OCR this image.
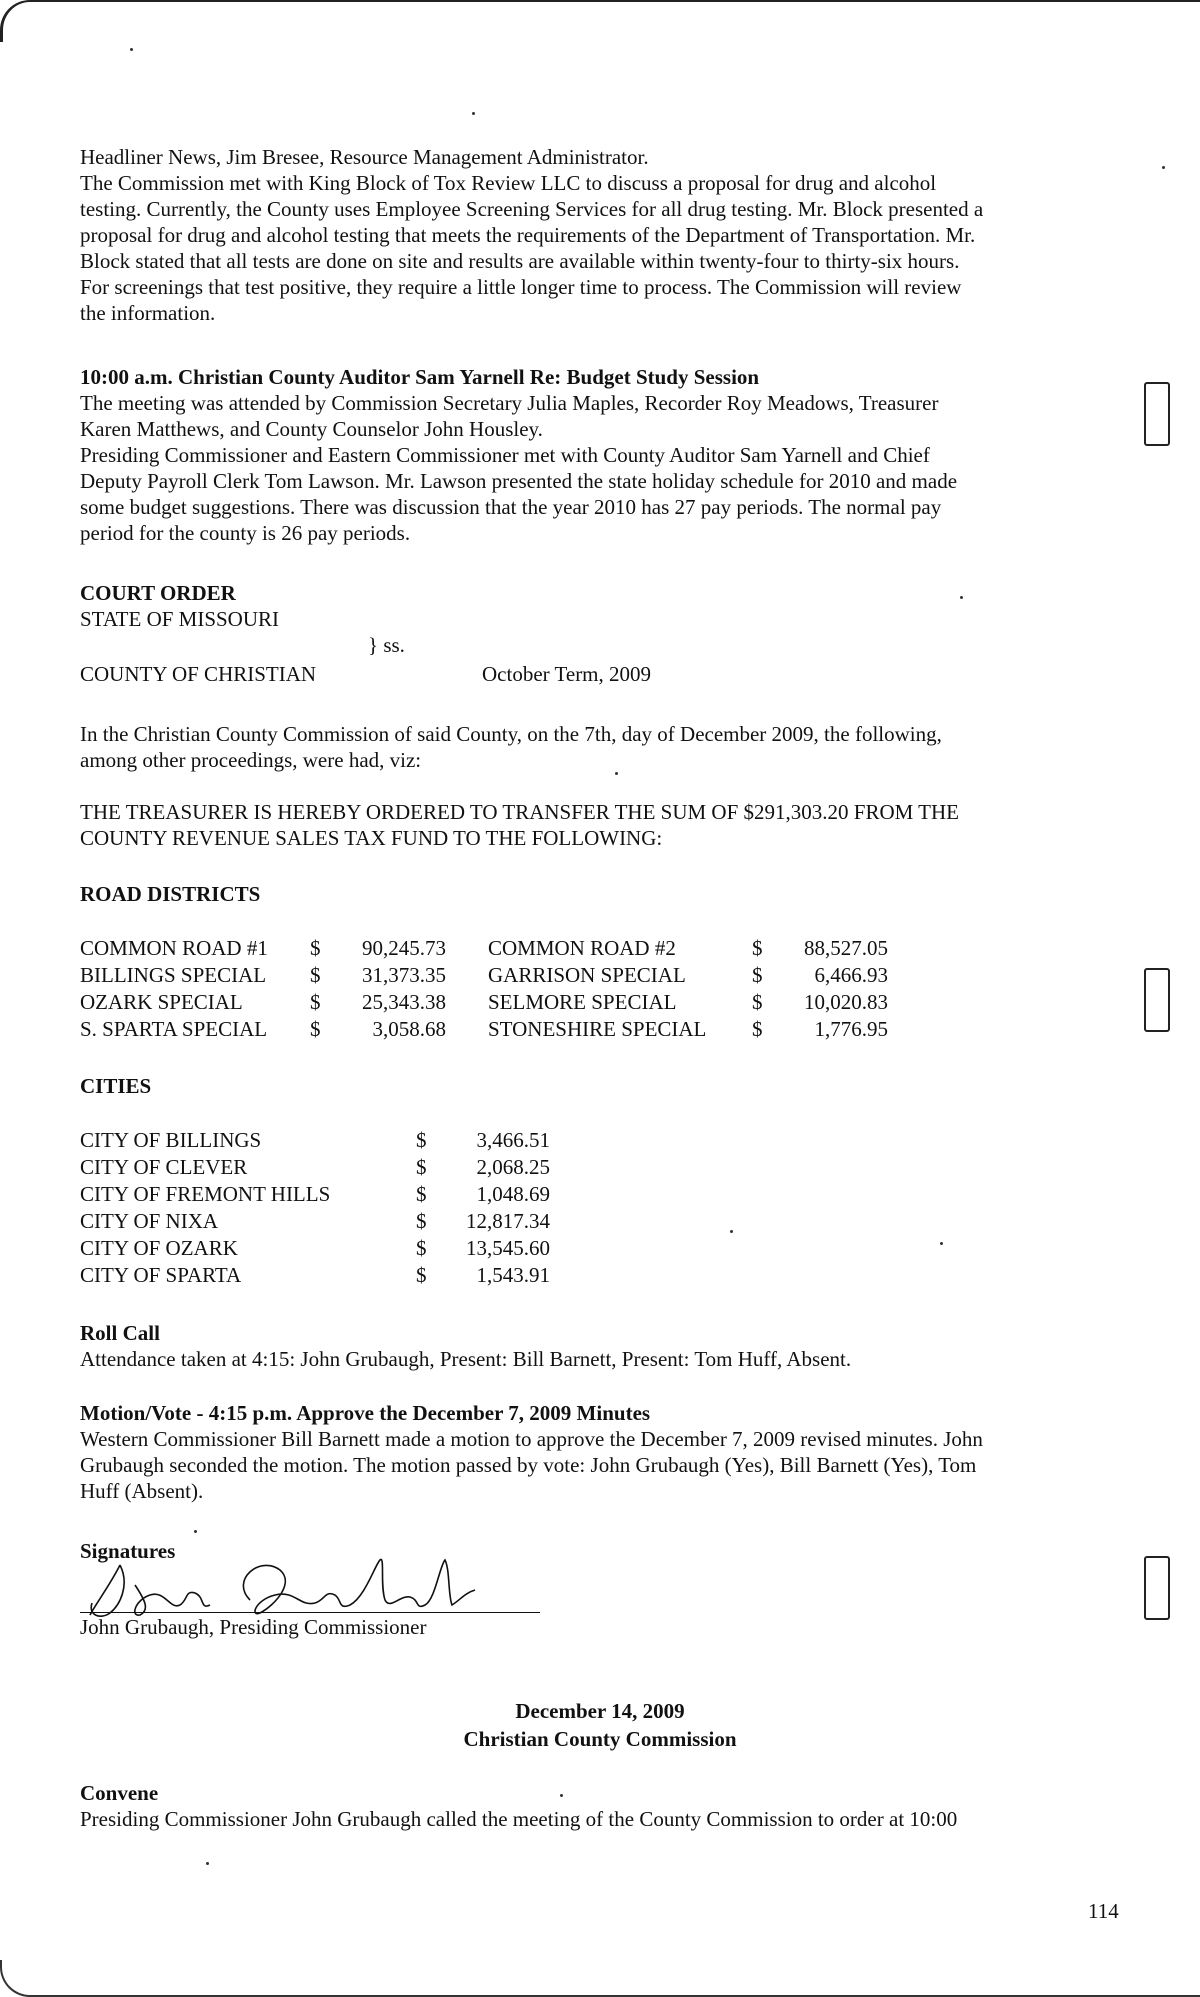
Headliner News, Jim Bresee, Resource Management Administrator.
The Commission met with King Block of Tox Review LLC to discuss a proposal for drug and alcohol
testing. Currently, the County uses Employee Screening Services for all drug testing. Mr. Block presented a
proposal for drug and alcohol testing that meets the requirements of the Department of Transportation. Mr.
Block stated that all tests are done on site and results are available within twenty-four to thirty-six hours.
For screenings that test positive, they require a little longer time to process. The Commission will review
the information.
10:00 a.m. Christian County Auditor Sam Yarnell Re: Budget Study Session
The meeting was attended by Commission Secretary Julia Maples, Recorder Roy Meadows, Treasurer
Karen Matthews, and County Counselor John Housley.
Presiding Commissioner and Eastern Commissioner met with County Auditor Sam Yarnell and Chief
Deputy Payroll Clerk Tom Lawson. Mr. Lawson presented the state holiday schedule for 2010 and made
some budget suggestions. There was discussion that the year 2010 has 27 pay periods. The normal pay
period for the county is 26 pay periods.
COURT ORDER
STATE OF MISSOURI
} ss.
COUNTY OF CHRISTIAN	October Term, 2009
In the Christian County Commission of said County, on the 7th, day of December 2009, the following,
among other proceedings, were had, viz:
THE TREASURER IS HEREBY ORDERED TO TRANSFER THE SUM OF $291,303.20 FROM THE
COUNTY REVENUE SALES TAX FUND TO THE FOLLOWING:
ROAD DISTRICTS
COMMON ROAD #1 $	90,245.73 COMMON ROAD #2	$	88,527.05
BILLINGS SPECIAL $	31,373.35 GARRISON SPECIAL	$	6,466.93
OZARK SPECIAL	$	25,343.38 SELMORE SPECIAL	$	10,020.83
S. SPARTA SPECIAL $	3,058.68 STONESHIRE SPECIAL $	1,776.95
CITIES
CITY OF BILLINGS	$	3,466.51
CITY OF CLEVER	$	2,068.25
CITY OF FREMONT HILLS	$	1,048.69
CITY OF NIXA	$	12,817.34
CITY OF OZARK	$	13,545.60
CITY OF SPARTA	$	1,543.91
Roll Call
Attendance taken at 4:15: John Grubaugh, Present: Bill Barnett, Present: Tom Huff, Absent.
Motion/Vote - 4:15 p.m. Approve the December 7, 2009 Minutes
Western Commissioner Bill Barnett made a motion to approve the December 7, 2009 revised minutes. John
Grubaugh seconded the motion. The motion passed by vote: John Grubaugh (Yes), Bill Barnett (Yes), Tom
Huff (Absent).
Signatures
John Grubaugh, Presiding Commissioner
December 14, 2009
Christian County Commission
Convene
Presiding Commissioner John Grubaugh called the meeting of the County Commission to order at 10:00
114
